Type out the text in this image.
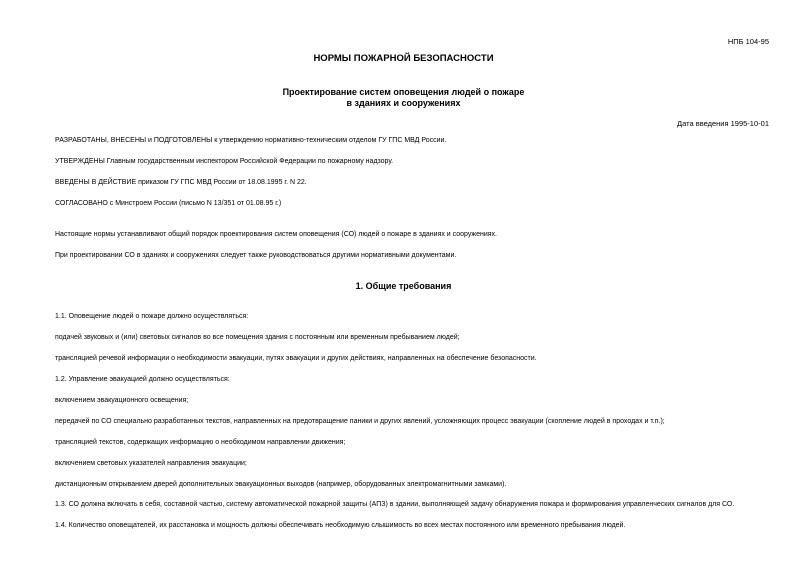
НПБ 104-95
НОРМЫ ПОЖАРНОЙ БЕЗОПАСНОСТИ
Проектирование систем оповещения людей о пожаре
в зданиях и сооружениях
Дата введения 1995-10-01
РАЗРАБОТАНЫ, ВНЕСЕНЫ и ПОДГОТОВЛЕНЫ к утверждению нормативно-техническим отделом ГУ ГПС МВД России.
УТВЕРЖДЕНЫ Главным государственным инспектором Российской Федерации по пожарному надзору.
ВВЕДЕНЫ В ДЕЙСТВИЕ приказом ГУ ГПС МВД России от 18.08.1995 г. N 22.
СОГЛАСОВАНО с Минстроем России (письмо N 13/351 от 01.08.95 г.)
Настоящие нормы устанавливают общий порядок проектирования систем оповещения (СО) людей о пожаре в зданиях и сооружениях.
При проектировании СО в зданиях и сооружениях следует также руководствоваться другими нормативными документами.
1. Общие требования
1.1. Оповещение людей о пожаре должно осуществляться:
подачей звуковых и (или) световых сигналов во все помещения здания с постоянным или временным пребыванием людей;
трансляцией речевой информации о необходимости эвакуации, путях эвакуации и других действиях, направленных на обеспечение безопасности.
1.2. Управление эвакуацией должно осуществляться:
включением эвакуационного освещения;
передачей по СО специально разработанных текстов, направленных на предотвращение паники и других явлений, усложняющих процесс эвакуации (скопление людей в проходах и т.п.);
трансляцией текстов, содержащих информацию о необходимом направлении движения;
включением световых указателей направления эвакуации;
дистанционным открыванием дверей дополнительных эвакуационных выходов (например, оборудованных электромагнитными замками).
1.3. СО должна включать в себя, составной частью, систему автоматической пожарной защиты (АПЗ) в здании, выполняющей задачу обнаружения пожара и формирования управленческих сигналов для СО.
1.4. Количество оповещателей, их расстановка и мощность должны обеспечивать необходимую слышимость во всех местах постоянного или временного пребывания людей.
